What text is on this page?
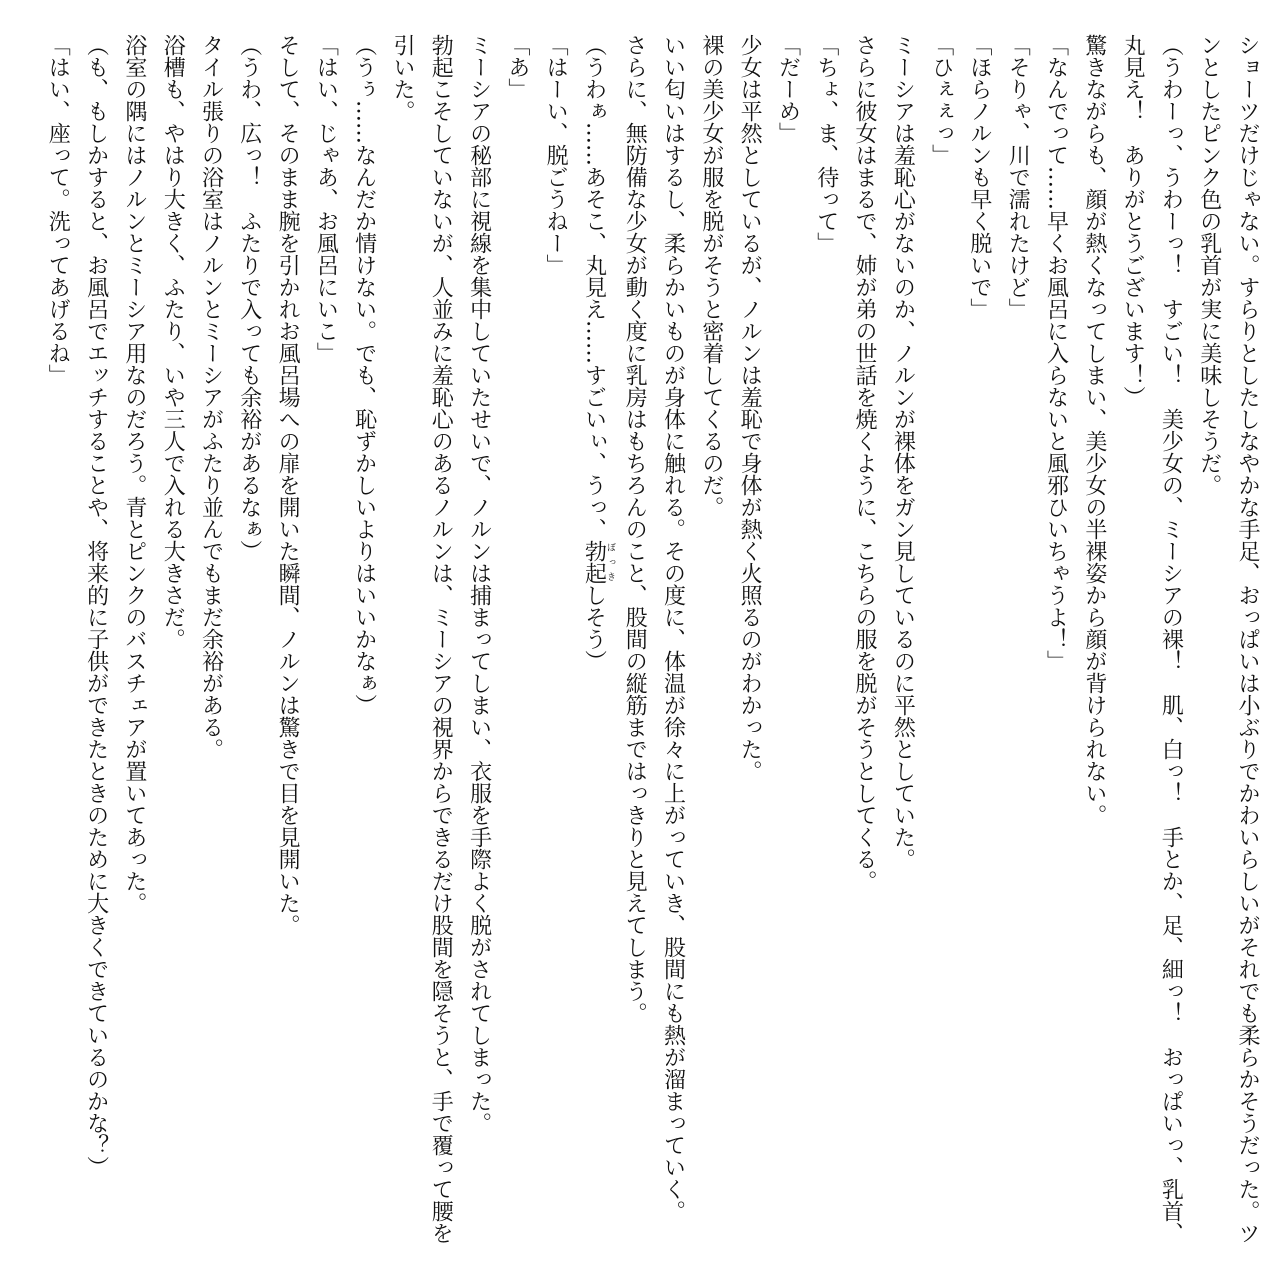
ショーツだけじゃない。すらりとしたしなやかな手足、おっぱいは小ぶりでかわいらしいがそれでも柔らかそうだった。ツンとしたピンク色の乳首が実に美味しそうだ。

（うわーっ、うわーっ！　すごい！　美少女の、ミーシアの裸！　肌、白っ！　手とか、足、細っ！　おっぱいっ、乳首、丸見え！　ありがとうございます！）

驚きながらも、顔が熱くなってしまい、美少女の半裸姿から顔が背けられない。

「なんでって……早くお風呂に入らないと風邪ひいちゃうよ！」

「そりゃ、川で濡れたけど」

「ほらノルンも早く脱いで」

「ひぇぇっ」

ミーシアは羞恥心がないのか、ノルンが裸体をガン見しているのに平然としていた。

さらに彼女はまるで、姉が弟の世話を焼くように、こちらの服を脱がそうとしてくる。

「ちょ、ま、待って」

「だーめ」

少女は平然としているが、ノルンは羞恥で身体が熱く火照るのがわかった。

裸の美少女が服を脱がそうと密着してくるのだ。

いい匂いはするし、柔らかいものが身体に触れる。その度に、体温が徐々に上がっていき、股間にも熱が溜まっていく。

さらに、無防備な少女が動く度に乳房はもちろんのこと、股間の縦筋まではっきりと見えてしまう。

（うわぁ……あそこ、丸見え……すごいぃ、うっ、勃起ぼっきしそう）

「はーい、脱ごうねー」

「あ」

ミーシアの秘部に視線を集中していたせいで、ノルンは捕まってしまい、衣服を手際よく脱がされてしまった。

勃起こそしていないが、人並みに羞恥心のあるノルンは、ミーシアの視界からできるだけ股間を隠そうと、手で覆って腰を引いた。

（うぅ……なんだか情けない。でも、恥ずかしいよりはいいかなぁ）

「はい、じゃあ、お風呂にいこ」

そして、そのまま腕を引かれお風呂場への扉を開いた瞬間、ノルンは驚きで目を見開いた。

（うわ、広っ！　ふたりで入っても余裕があるなぁ）

タイル張りの浴室はノルンとミーシアがふたり並んでもまだ余裕がある。

浴槽も、やはり大きく、ふたり、いや三人で入れる大きさだ。

浴室の隅にはノルンとミーシア用なのだろう。青とピンクのバスチェアが置いてあった。

（も、もしかすると、お風呂でエッチすることや、将来的に子供ができたときのために大きくできているのかな？）

「はい、座って。洗ってあげるね」
